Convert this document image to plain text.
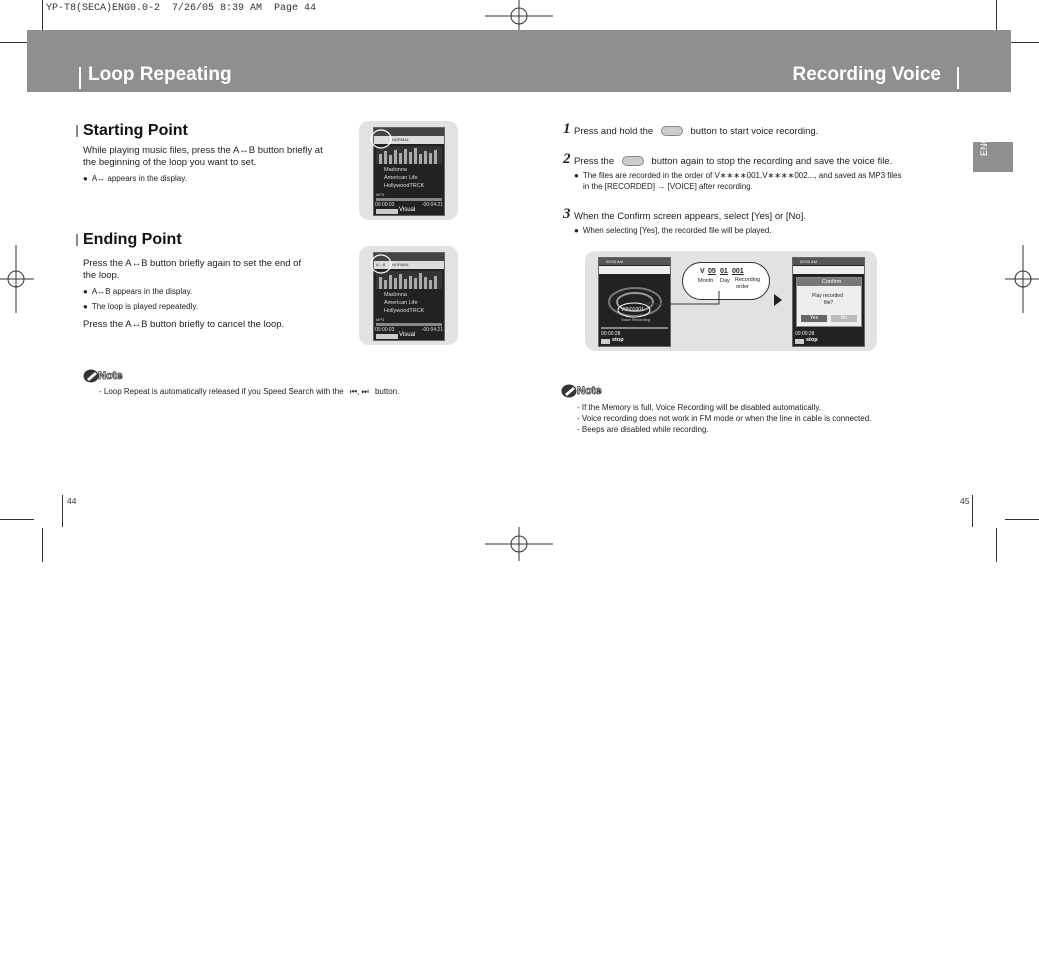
YP-T8(SECA)ENG0.0-2  7/26/05 8:39 AM  Page 44
Loop Repeating	Recording Voice
ENG
Starting Point
While playing music files, press the A↔B button briefly at
the beginning of the loop you want to set.
● A↔ appears in the display.
Ending Point
Press the A↔B button briefly again to set the end of
the loop.
● A↔B appears in the display.
● The loop is played repeatedly.
Press the A↔B button briefly to cancel the loop.
NORMAL
Madonna
American Life
HollywoodTRCK
MP3
00:00:03	-00:04:21
Visual
A↔B NORMAL
Madonna
American Life
HollywoodTRCK
MP3
00:00:03	-00:04:21
Visual
Note
- Loop Repeat is automatically released if you Speed Search with the ⏮, ⏭ button.
44
1 Press and hold the	button to start voice recording.
2 Press the	button again to stop the recording and save the voice file.
● The files are recorded in the order of V∗∗∗∗001,V∗∗∗∗002..., and saved as MP3 files
in the [RECORDED] → [VOICE] after recording.
3 When the Confirm screen appears, select [Yes] or [No].
● When selecting [Yes], the recorded file will be played.
00:00 AM
V0501001
Voice Recording
00:00:28
stop
V 05 01 001
Month Day Recording
order
00:00 AM
Confirm
Play recorded
file?
Yes	No
00:00:28
stop
Note
- If the Memory is full, Voice Recording will be disabled automatically.
- Voice recording does not work in FM mode or when the line in cable is connected.
- Beeps are disabled while recording.
45
